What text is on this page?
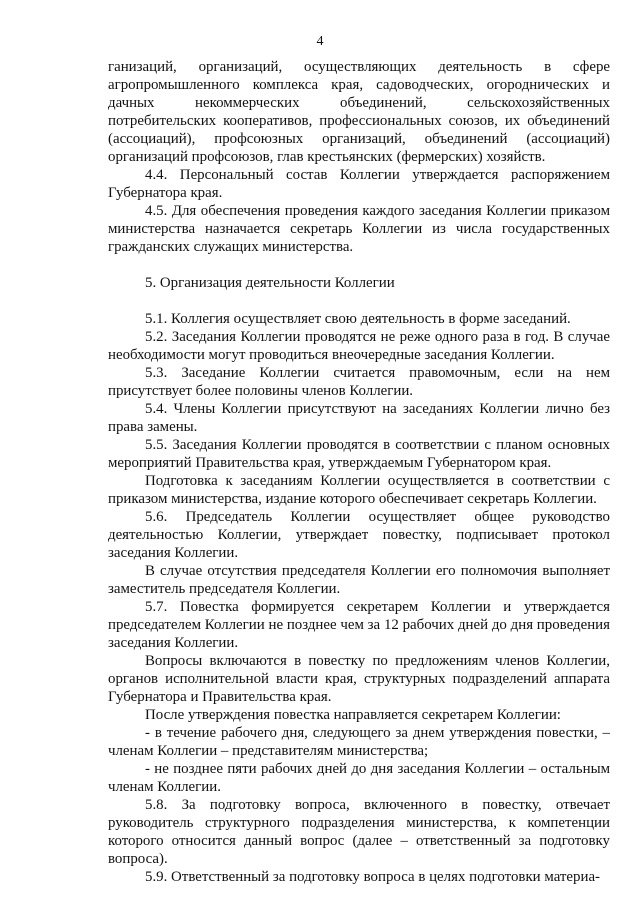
4

ганизаций, организаций, осуществляющих деятельность в сфере агропромышленного комплекса края, садоводческих, огороднических и дачных некоммерческих объединений, сельскохозяйственных потребительских кооперативов, профессиональных союзов, их объединений (ассоциаций), профсоюзных организаций, объединений (ассоциаций) организаций профсоюзов, глав крестьянских (фермерских) хозяйств.

4.4. Персональный состав Коллегии утверждается распоряжением Губернатора края.

4.5. Для обеспечения проведения каждого заседания Коллегии приказом министерства назначается секретарь Коллегии из числа государственных гражданских служащих министерства.

5. Организация деятельности Коллегии

5.1. Коллегия осуществляет свою деятельность в форме заседаний.

5.2. Заседания Коллегии проводятся не реже одного раза в год. В случае необходимости могут проводиться внеочередные заседания Коллегии.

5.3. Заседание Коллегии считается правомочным, если на нем присутствует более половины членов Коллегии.

5.4. Члены Коллегии присутствуют на заседаниях Коллегии лично без права замены.

5.5. Заседания Коллегии проводятся в соответствии с планом основных мероприятий Правительства края, утверждаемым Губернатором края.

Подготовка к заседаниям Коллегии осуществляется в соответствии с приказом министерства, издание которого обеспечивает секретарь Коллегии.

5.6. Председатель Коллегии осуществляет общее руководство деятельностью Коллегии, утверждает повестку, подписывает протокол заседания Коллегии.

В случае отсутствия председателя Коллегии его полномочия выполняет заместитель председателя Коллегии.

5.7. Повестка формируется секретарем Коллегии и утверждается председателем Коллегии не позднее чем за 12 рабочих дней до дня проведения заседания Коллегии.

Вопросы включаются в повестку по предложениям членов Коллегии, органов исполнительной власти края, структурных подразделений аппарата Губернатора и Правительства края.

После утверждения повестка направляется секретарем Коллегии:

- в течение рабочего дня, следующего за днем утверждения повестки, – членам Коллегии – представителям министерства;

- не позднее пяти рабочих дней до дня заседания Коллегии – остальным членам Коллегии.

5.8. За подготовку вопроса, включенного в повестку, отвечает руководитель структурного подразделения министерства, к компетенции которого относится данный вопрос (далее – ответственный за подготовку вопроса).

5.9. Ответственный за подготовку вопроса в целях подготовки материа-
